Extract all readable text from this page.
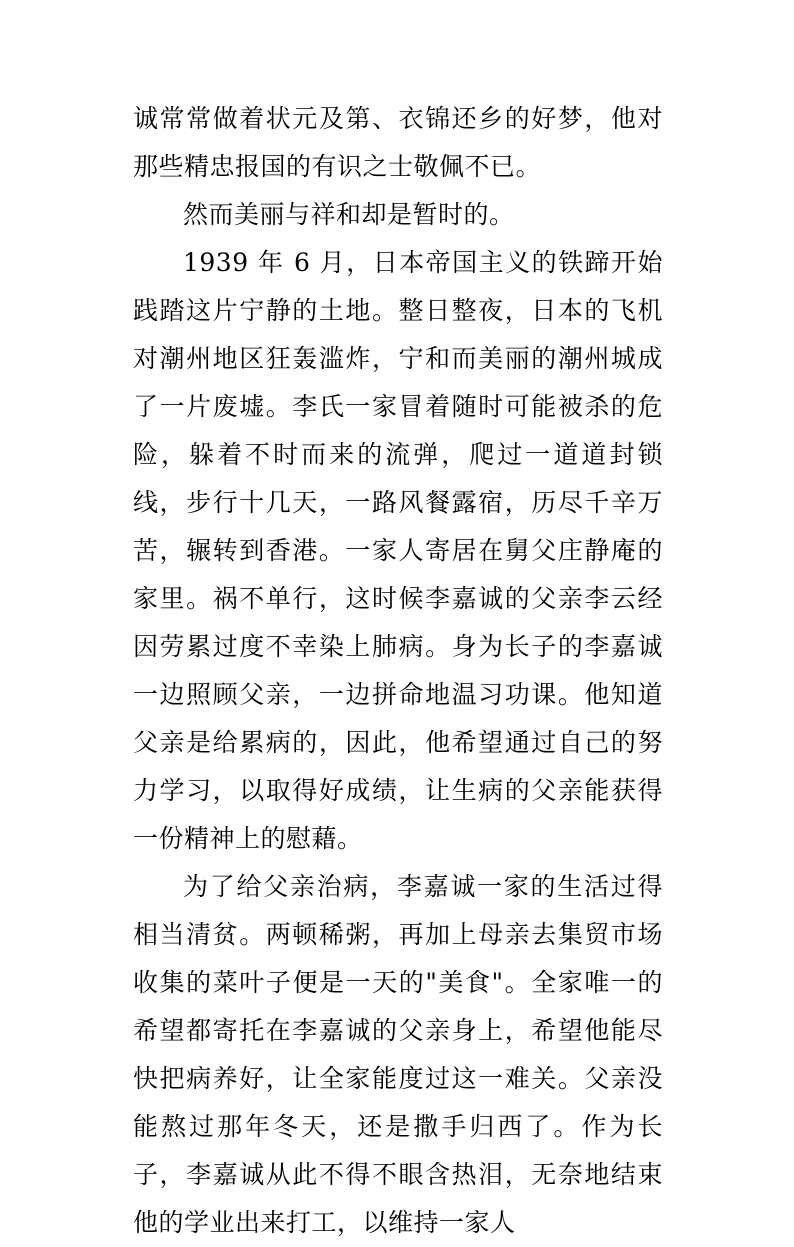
诚常常做着状元及第、衣锦还乡的好梦，他对那些精忠报国的有识之士敬佩不已。

然而美丽与祥和却是暂时的。

1939 年 6 月，日本帝国主义的铁蹄开始践踏这片宁静的土地。整日整夜，日本的飞机对潮州地区狂轰滥炸，宁和而美丽的潮州城成了一片废墟。李氏一家冒着随时可能被杀的危险，躲着不时而来的流弹，爬过一道道封锁线，步行十几天，一路风餐露宿，历尽千辛万苦，辗转到香港。一家人寄居在舅父庄静庵的家里。祸不单行，这时候李嘉诚的父亲李云经因劳累过度不幸染上肺病。身为长子的李嘉诚一边照顾父亲，一边拼命地温习功课。他知道父亲是给累病的，因此，他希望通过自己的努力学习，以取得好成绩，让生病的父亲能获得一份精神上的慰藉。

为了给父亲治病，李嘉诚一家的生活过得相当清贫。两顿稀粥，再加上母亲去集贸市场收集的菜叶子便是一天的"美食"。全家唯一的希望都寄托在李嘉诚的父亲身上，希望他能尽快把病养好，让全家能度过这一难关。父亲没能熬过那年冬天，还是撒手归西了。作为长子，李嘉诚从此不得不眼含热泪，无奈地结束他的学业出来打工，以维持一家人
